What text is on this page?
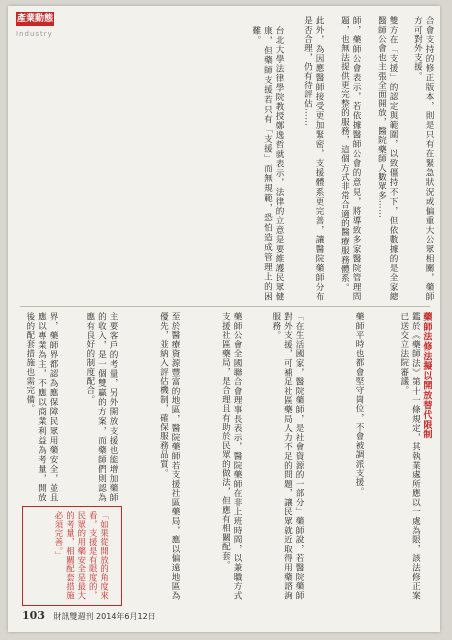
產業動態
Industry	合會支持的修正版本，則是只有在緊急狀況或偏重大公眾相關，藥師方可對外支援。

雙方在「支援」的認定與範圍，以致僵持不下，但依數據的是全家總醫師公會也主張全面開放，醫院藥師人數眾多……

師，藥師公會表示，若依據醫師公會的意見，將導致多家醫院管理問題，也無法提供更完整的服務，這個方式非常合適的醫療服務體系。

此外，為因應醫師接受更加緊密，支援體系更完善，讓醫院藥師分布是否合理，仍有待評估……

台北大學法律學院教授鄭逸哲就表示，法律的立意是要維護民眾健康，但藥師支援若只有「支援」而無規範，恐怕造成管理上的困難。

藥師法修法擬以開放替代限制

鑑於《藥師法》第十一條規定，其執業處所應以一處為限，該法修正案已送交立法院審議。

藥師平時也都會堅守崗位，不會被調派支援。

「在生活國家，醫院藥師，是社會資源的一部分」藥師說，若醫院藥師對外支援，可補足社區藥局人力不足的問題，讓民眾就近取得用藥諮詢服務。

藥師公會全國聯合會理事長表示，醫院藥師在非上班時間，以兼職方式支援社區藥局，是合理且有助於民眾的做法，但應有相關配套。

至於醫療資源豐富的地區，醫院藥師若支援社區藥局，應以偏遠地區為優先，並納入評估機制，確保服務品質。

主要客戶的考量，另外開放支援也能增加藥師的收入，是一個雙贏的方案，而藥師們則認為應有良好的制度配合。

界，藥師界都認為應保障民眾用藥安全，並且應以專業為主，不應以商業利益為考量，開放後的配套措施也需完備。

「如果從開放的角度來看，支援是有限度的，民眾的用藥安全是最大的考量，相關配套措施必須完善。」

103 財訊雙週刊 2014年6月12日
